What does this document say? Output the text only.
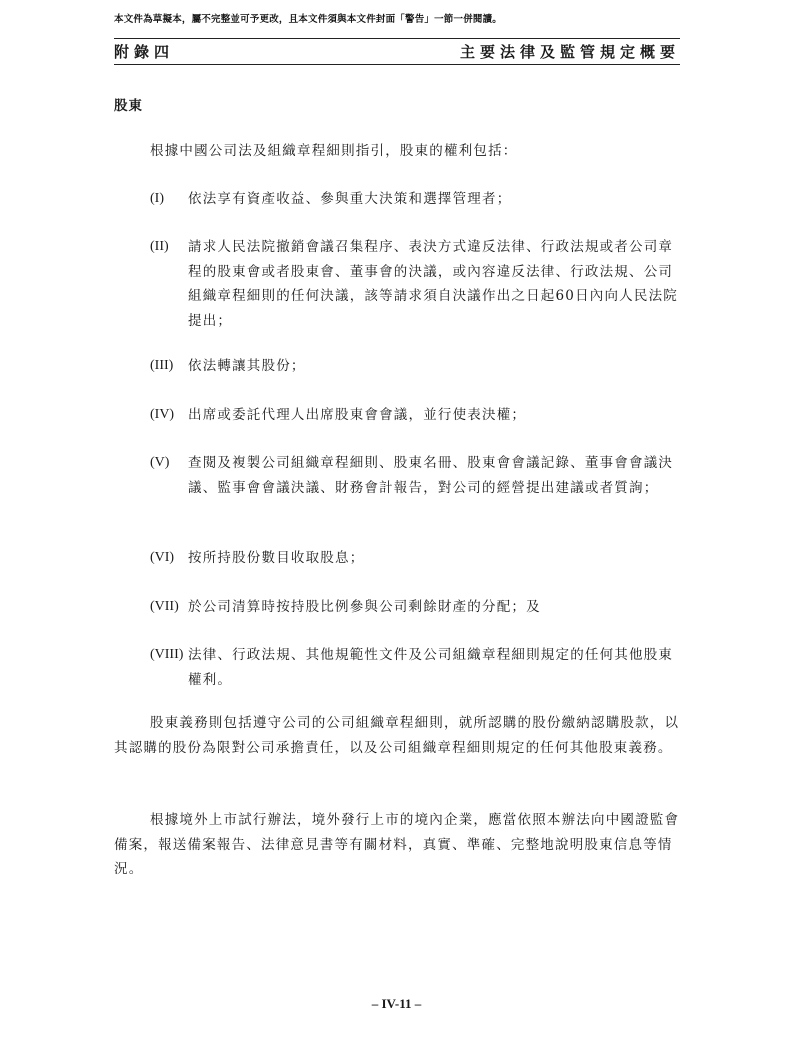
本文件為草擬本，屬不完整並可予更改，且本文件須與本文件封面「警告」一節一併閱讀。
附錄四	主要法律及監管規定概要
股東

根據中國公司法及組織章程細則指引，股東的權利包括：

(I) 依法享有資產收益、參與重大決策和選擇管理者；
(II) 請求人民法院撤銷會議召集程序、表決方式違反法律、行政法規或者公司章程的股東會或者股東會、董事會的決議，或內容違反法律、行政法規、公司組織章程細則的任何決議，該等請求須自決議作出之日起60日內向人民法院提出；
(III) 依法轉讓其股份；
(IV) 出席或委託代理人出席股東會會議，並行使表決權；
(V) 查閱及複製公司組織章程細則、股東名冊、股東會會議記錄、董事會會議決議、監事會會議決議、財務會計報告，對公司的經營提出建議或者質詢；
(VI) 按所持股份數目收取股息；
(VII) 於公司清算時按持股比例參與公司剩餘財產的分配；及
(VIII) 法律、行政法規、其他規範性文件及公司組織章程細則規定的任何其他股東權利。

股東義務則包括遵守公司的公司組織章程細則，就所認購的股份繳納認購股款，以其認購的股份為限對公司承擔責任，以及公司組織章程細則規定的任何其他股東義務。

根據境外上市試行辦法，境外發行上市的境內企業，應當依照本辦法向中國證監會備案，報送備案報告、法律意見書等有關材料，真實、準確、完整地說明股東信息等情況。

– IV-11 –
